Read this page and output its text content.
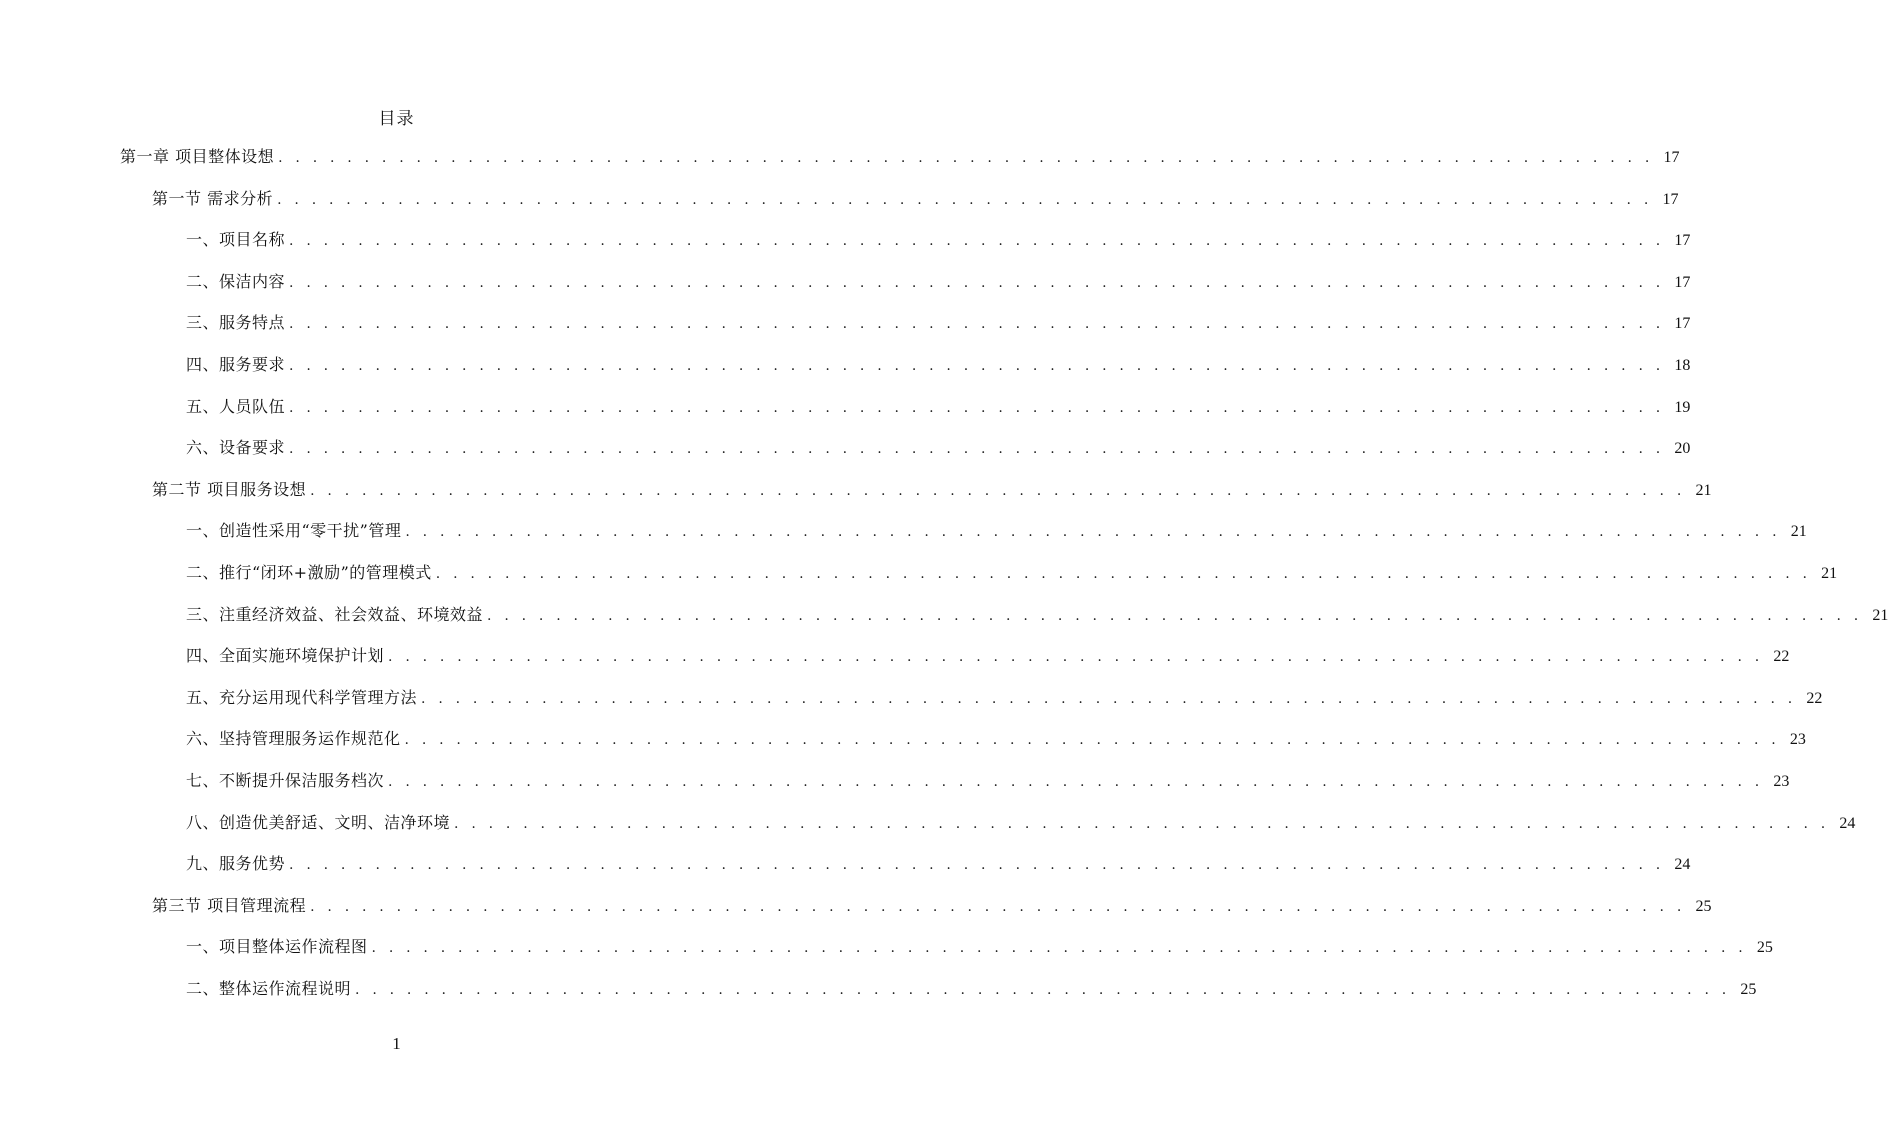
目录
第一章 项目整体设想 . . . . . . . . . . . . . . . . . . . . . . . . . . . . . . . . . . . . . . . . . . . . . . . . . . . . . . . . . . . . . . . . . . . . . . . . . . . . . . . . 17
第一节 需求分析 . . . . . . . . . . . . . . . . . . . . . . . . . . . . . . . . . . . . . . . . . . . . . . . . . . . . . . . . . . . . . . . . . . . . . . . . . . . . . . . . 17
一、项目名称 . . . . . . . . . . . . . . . . . . . . . . . . . . . . . . . . . . . . . . . . . . . . . . . . . . . . . . . . . . . . . . . . . . . . . . . . . . . . . . . . 17
二、保洁内容 . . . . . . . . . . . . . . . . . . . . . . . . . . . . . . . . . . . . . . . . . . . . . . . . . . . . . . . . . . . . . . . . . . . . . . . . . . . . . . . . 17
三、服务特点 . . . . . . . . . . . . . . . . . . . . . . . . . . . . . . . . . . . . . . . . . . . . . . . . . . . . . . . . . . . . . . . . . . . . . . . . . . . . . . . . 17
四、服务要求 . . . . . . . . . . . . . . . . . . . . . . . . . . . . . . . . . . . . . . . . . . . . . . . . . . . . . . . . . . . . . . . . . . . . . . . . . . . . . . . . 18
五、人员队伍 . . . . . . . . . . . . . . . . . . . . . . . . . . . . . . . . . . . . . . . . . . . . . . . . . . . . . . . . . . . . . . . . . . . . . . . . . . . . . . . . 19
六、设备要求 . . . . . . . . . . . . . . . . . . . . . . . . . . . . . . . . . . . . . . . . . . . . . . . . . . . . . . . . . . . . . . . . . . . . . . . . . . . . . . . . 20
第二节 项目服务设想 . . . . . . . . . . . . . . . . . . . . . . . . . . . . . . . . . . . . . . . . . . . . . . . . . . . . . . . . . . . . . . . . . . . . . . . . . . . . . . . . 21
一、创造性采用“零干扰”管理 . . . . . . . . . . . . . . . . . . . . . . . . . . . . . . . . . . . . . . . . . . . . . . . . . . . . . . . . . . . . . . . . . . . . . . . . . . . . . . . . 21
二、推行“闭环+激励”的管理模式 . . . . . . . . . . . . . . . . . . . . . . . . . . . . . . . . . . . . . . . . . . . . . . . . . . . . . . . . . . . . . . . . . . . . . . . . . . . . . . . . 21
三、注重经济效益、社会效益、环境效益 . . . . . . . . . . . . . . . . . . . . . . . . . . . . . . . . . . . . . . . . . . . . . . . . . . . . . . . . . . . . . . . . . . . . . . . . . . . . . . . . 21
四、全面实施环境保护计划 . . . . . . . . . . . . . . . . . . . . . . . . . . . . . . . . . . . . . . . . . . . . . . . . . . . . . . . . . . . . . . . . . . . . . . . . . . . . . . . . 22
五、充分运用现代科学管理方法 . . . . . . . . . . . . . . . . . . . . . . . . . . . . . . . . . . . . . . . . . . . . . . . . . . . . . . . . . . . . . . . . . . . . . . . . . . . . . . . . 22
六、坚持管理服务运作规范化 . . . . . . . . . . . . . . . . . . . . . . . . . . . . . . . . . . . . . . . . . . . . . . . . . . . . . . . . . . . . . . . . . . . . . . . . . . . . . . . . 23
七、不断提升保洁服务档次 . . . . . . . . . . . . . . . . . . . . . . . . . . . . . . . . . . . . . . . . . . . . . . . . . . . . . . . . . . . . . . . . . . . . . . . . . . . . . . . . 23
八、创造优美舒适、文明、洁净环境 . . . . . . . . . . . . . . . . . . . . . . . . . . . . . . . . . . . . . . . . . . . . . . . . . . . . . . . . . . . . . . . . . . . . . . . . . . . . . . . . 24
九、服务优势 . . . . . . . . . . . . . . . . . . . . . . . . . . . . . . . . . . . . . . . . . . . . . . . . . . . . . . . . . . . . . . . . . . . . . . . . . . . . . . . . 24
第三节 项目管理流程 . . . . . . . . . . . . . . . . . . . . . . . . . . . . . . . . . . . . . . . . . . . . . . . . . . . . . . . . . . . . . . . . . . . . . . . . . . . . . . . . 25
一、项目整体运作流程图 . . . . . . . . . . . . . . . . . . . . . . . . . . . . . . . . . . . . . . . . . . . . . . . . . . . . . . . . . . . . . . . . . . . . . . . . . . . . . . . . 25
二、整体运作流程说明 . . . . . . . . . . . . . . . . . . . . . . . . . . . . . . . . . . . . . . . . . . . . . . . . . . . . . . . . . . . . . . . . . . . . . . . . . . . . . . . . 25
1
